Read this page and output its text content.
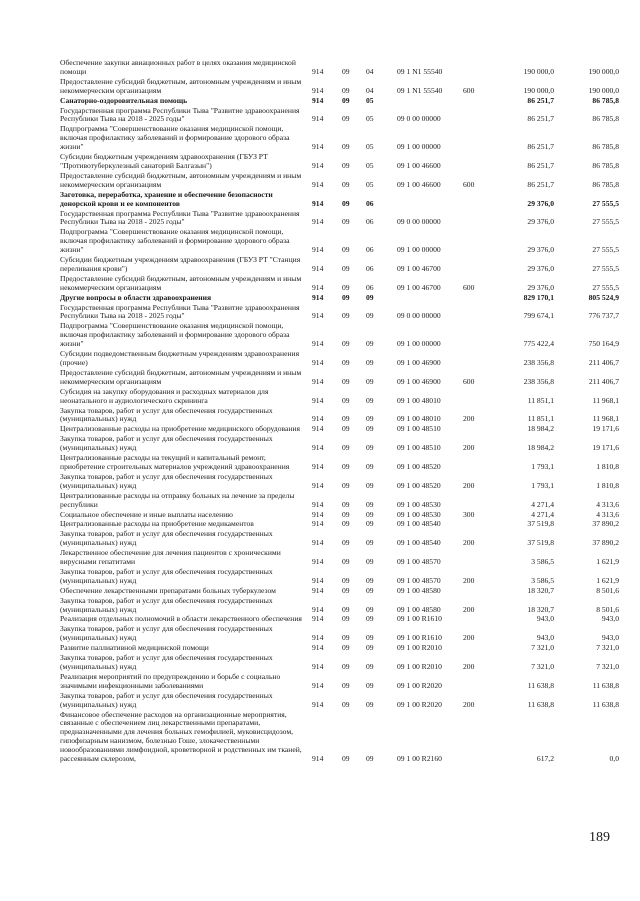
Обеспечение закупки авиационных работ в целях оказания медицинской помощи	914	09	04	09 1 N1 55540		190 000,0	190 000,0
Предоставление субсидий бюджетным, автономным учреждениям и иным некоммерческим организациям	914	09	04	09 1 N1 55540	600	190 000,0	190 000,0
Санаторно-оздоровительная помощь	914	09	05			86 251,7	86 785,8
Государственная программа Республики Тыва "Развитие здравоохранения Республики Тыва на 2018 - 2025 годы"	914	09	05	09 0 00 00000		86 251,7	86 785,8
Подпрограмма "Совершенствование оказания медицинской помощи, включая профилактику заболеваний и формирование здорового образа жизни"	914	09	05	09 1 00 00000		86 251,7	86 785,8
Субсидии бюджетным учреждениям здравоохранения (ГБУЗ РТ "Противотуберкулезный санаторий Балгазын")	914	09	05	09 1 00 46600		86 251,7	86 785,8
Предоставление субсидий бюджетным, автономным учреждениям и иным некоммерческим организациям	914	09	05	09 1 00 46600	600	86 251,7	86 785,8
Заготовка, переработка, хранение и обеспечение безопасности донорской крови и ее компонентов	914	09	06			29 376,0	27 555,5
Государственная программа Республики Тыва "Развитие здравоохранения Республики Тыва на 2018 - 2025 годы"	914	09	06	09 0 00 00000		29 376,0	27 555,5
Подпрограмма "Совершенствование оказания медицинской помощи, включая профилактику заболеваний и формирование здорового образа жизни"	914	09	06	09 1 00 00000		29 376,0	27 555,5
Субсидии бюджетным учреждениям здравоохранения (ГБУЗ РТ "Станция переливания крови")	914	09	06	09 1 00 46700		29 376,0	27 555,5
Предоставление субсидий бюджетным, автономным учреждениям и иным некоммерческим организациям	914	09	06	09 1 00 46700	600	29 376,0	27 555,5
Другие вопросы в области здравоохранения	914	09	09			829 170,1	805 524,9
Государственная программа Республики Тыва "Развитие здравоохранения Республики Тыва на 2018 - 2025 годы"	914	09	09	09 0 00 00000		799 674,1	776 737,7
Подпрограмма "Совершенствование оказания медицинской помощи, включая профилактику заболеваний и формирование здорового образа жизни"	914	09	09	09 1 00 00000		775 422,4	750 164,9
Субсидии подведомственным бюджетным учреждениям здравоохранения (прочие)	914	09	09	09 1 00 46900		238 356,8	211 406,7
Предоставление субсидий бюджетным, автономным учреждениям и иным некоммерческим организациям	914	09	09	09 1 00 46900	600	238 356,8	211 406,7
Субсидия на закупку оборудования и расходных материалов для неонатального и аудиологического скрининга	914	09	09	09 1 00 48010		11 851,1	11 968,1
Закупка товаров, работ и услуг для обеспечения государственных (муниципальных) нужд	914	09	09	09 1 00 48010	200	11 851,1	11 968,1
Централизованные расходы на приобретение медицинского оборудования	914	09	09	09 1 00 48510		18 984,2	19 171,6
Закупка товаров, работ и услуг для обеспечения государственных (муниципальных) нужд	914	09	09	09 1 00 48510	200	18 984,2	19 171,6
Централизованные расходы на текущий и капитальный ремонт, приобретение строительных материалов учреждений здравоохранения	914	09	09	09 1 00 48520		1 793,1	1 810,8
Закупка товаров, работ и услуг для обеспечения государственных (муниципальных) нужд	914	09	09	09 1 00 48520	200	1 793,1	1 810,8
Централизованные расходы на отправку больных на лечение за пределы республики	914	09	09	09 1 00 48530		4 271,4	4 313,6
Социальное обеспечение и иные выплаты населению	914	09	09	09 1 00 48530	300	4 271,4	4 313,6
Централизованные расходы на приобретение медикаментов	914	09	09	09 1 00 48540		37 519,8	37 890,2
Закупка товаров, работ и услуг для обеспечения государственных (муниципальных) нужд	914	09	09	09 1 00 48540	200	37 519,8	37 890,2
Лекарственное обеспечение для лечения пациентов с хроническими вирусными гепатитами	914	09	09	09 1 00 48570		3 586,5	1 621,9
Закупка товаров, работ и услуг для обеспечения государственных (муниципальных) нужд	914	09	09	09 1 00 48570	200	3 586,5	1 621,9
Обеспечение лекарственными препаратами больных туберкулезом	914	09	09	09 1 00 48580		18 320,7	8 501,6
Закупка товаров, работ и услуг для обеспечения государственных (муниципальных) нужд	914	09	09	09 1 00 48580	200	18 320,7	8 501,6
Реализация отдельных полномочий в области лекарственного обеспечения	914	09	09	09 1 00 R1610		943,0	943,0
Закупка товаров, работ и услуг для обеспечения государственных (муниципальных) нужд	914	09	09	09 1 00 R1610	200	943,0	943,0
Развитие паллиативной медицинской помощи	914	09	09	09 1 00 R2010		7 321,0	7 321,0
Закупка товаров, работ и услуг для обеспечения государственных (муниципальных) нужд	914	09	09	09 1 00 R2010	200	7 321,0	7 321,0
Реализация мероприятий по предупреждению и борьбе с социально значимыми инфекционными заболеваниями	914	09	09	09 1 00 R2020		11 638,8	11 638,8
Закупка товаров, работ и услуг для обеспечения государственных (муниципальных) нужд	914	09	09	09 1 00 R2020	200	11 638,8	11 638,8
Финансовое обеспечение расходов на организационные мероприятия, связанные с обеспечением лиц лекарственными препаратами, предназначенными для лечения больных гемофилией, муковисцидозом, гипофизарным нанизмом, болезнью Гоше, злокачественными новообразованиями лимфоидной, кроветворной и родственных им тканей, рассеянным склерозом,	914	09	09	09 1 00 R2160		617,2	0,0
189
